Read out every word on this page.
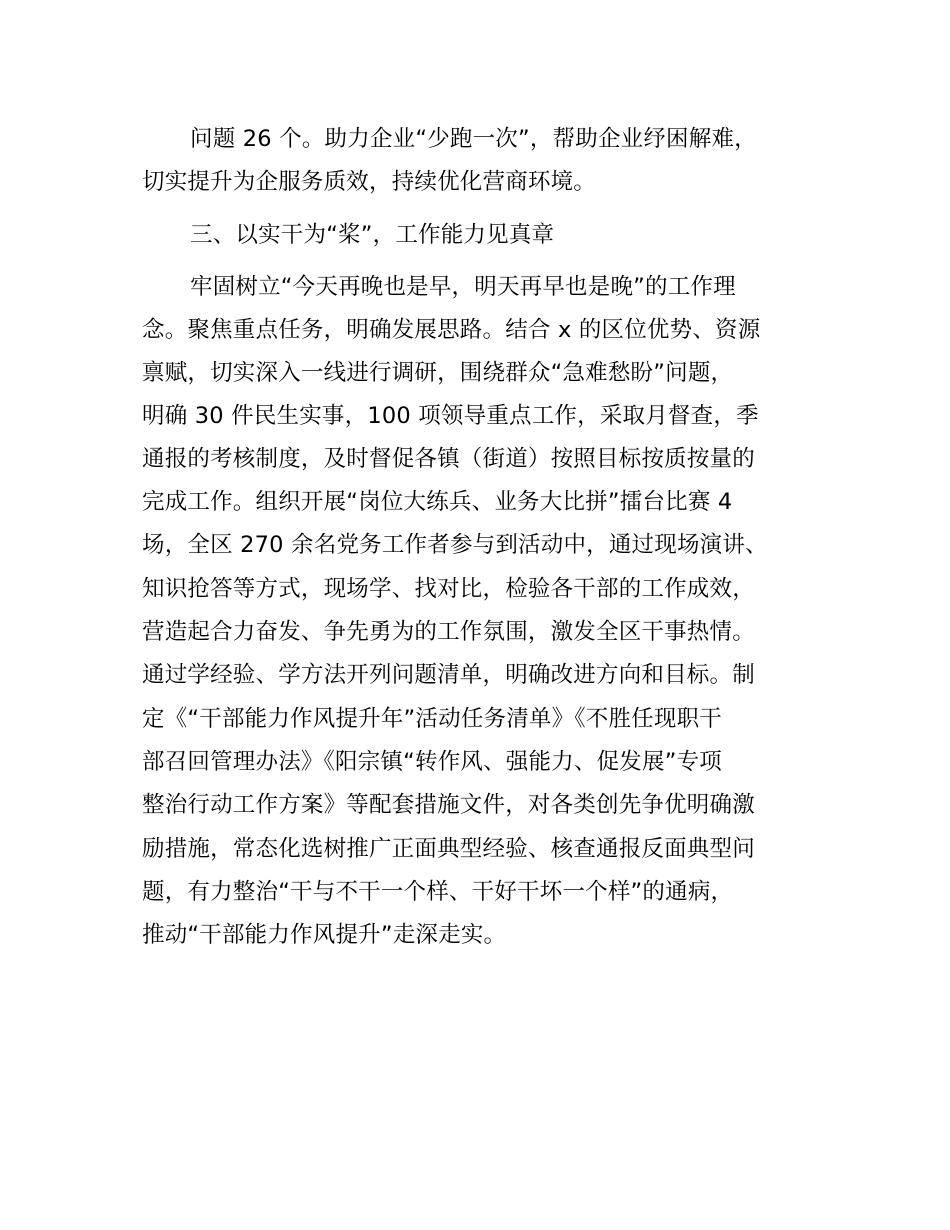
问题 26 个。助力企业“少跑一次”，帮助企业纾困解难，
切实提升为企服务质效，持续优化营商环境。
三、以实干为“桨”，工作能力见真章
牢固树立“今天再晚也是早，明天再早也是晚”的工作理
念。聚焦重点任务，明确发展思路。结合 x 的区位优势、资源
禀赋，切实深入一线进行调研，围绕群众“急难愁盼”问题，
明确 30 件民生实事，100 项领导重点工作，采取月督查，季
通报的考核制度，及时督促各镇（街道）按照目标按质按量的
完成工作。组织开展“岗位大练兵、业务大比拼”擂台比赛 4
场，全区 270 余名党务工作者参与到活动中，通过现场演讲、
知识抢答等方式，现场学、找对比，检验各干部的工作成效，
营造起合力奋发、争先勇为的工作氛围，激发全区干事热情。
通过学经验、学方法开列问题清单，明确改进方向和目标。制
定《“干部能力作风提升年”活动任务清单》《不胜任现职干
部召回管理办法》《阳宗镇“转作风、强能力、促发展”专项
整治行动工作方案》等配套措施文件，对各类创先争优明确激
励措施，常态化选树推广正面典型经验、核查通报反面典型问
题，有力整治“干与不干一个样、干好干坏一个样”的通病，
推动“干部能力作风提升”走深走实。
